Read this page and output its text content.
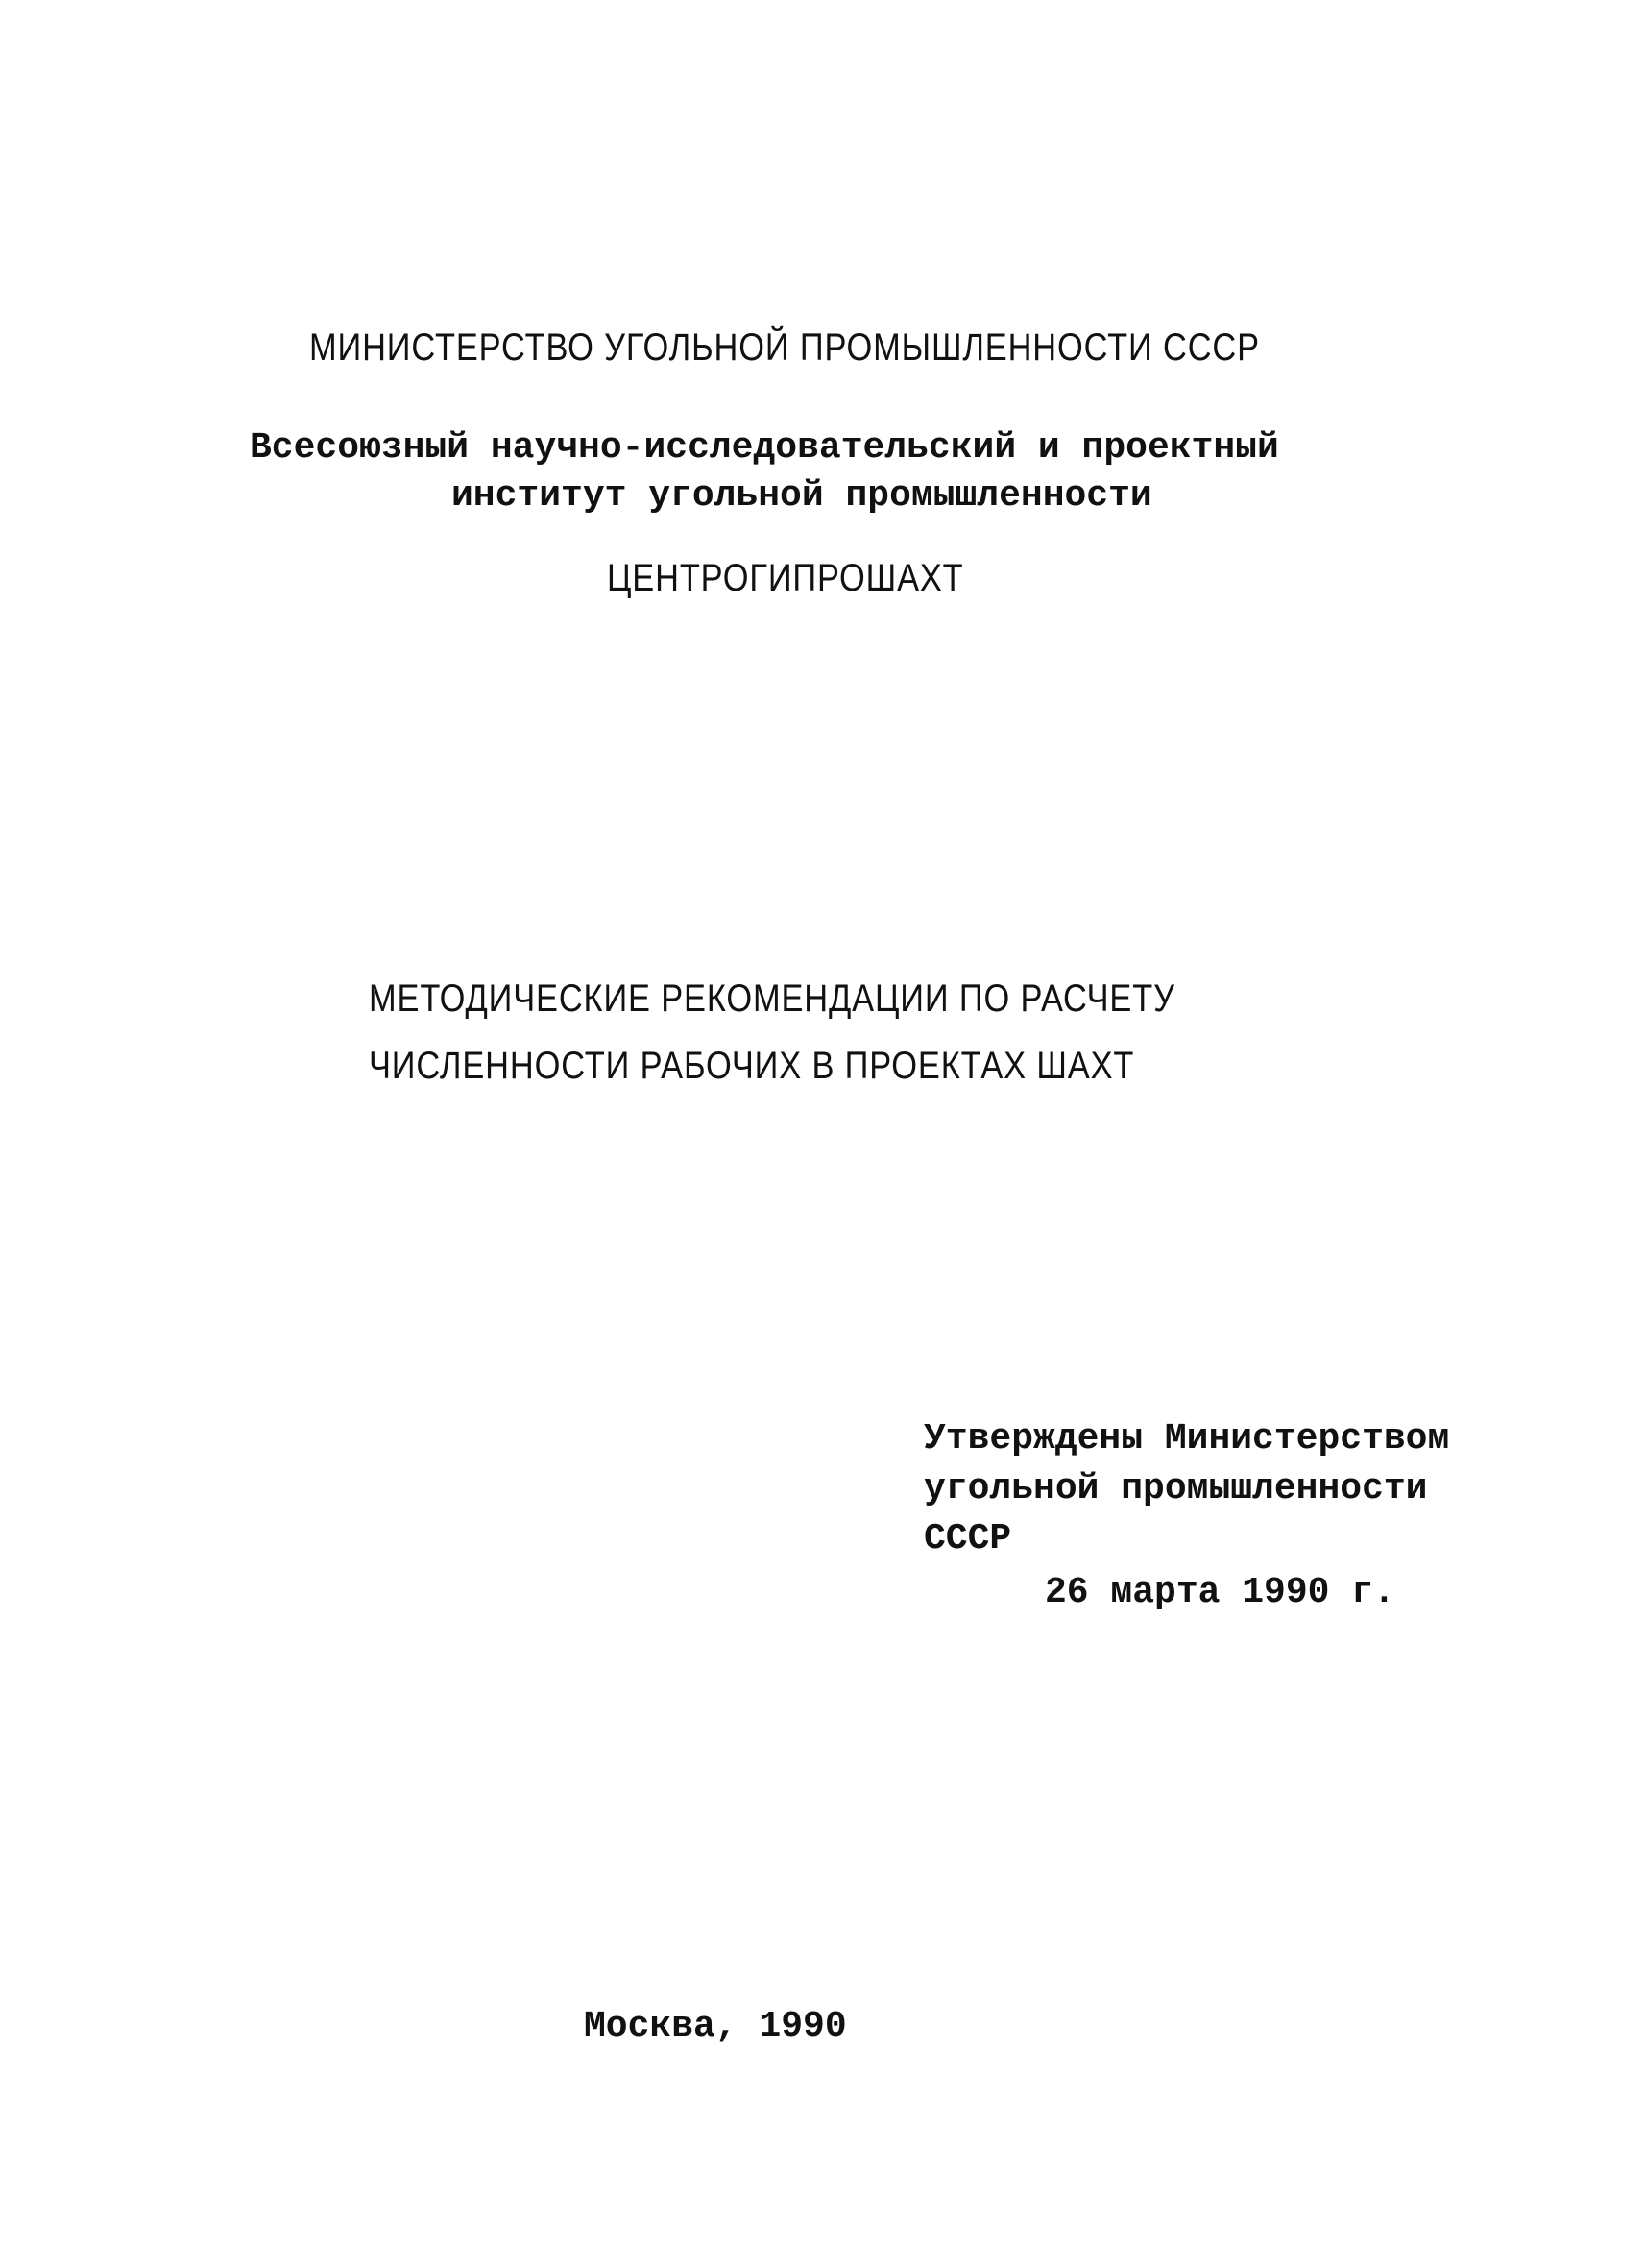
МИНИСТЕРСТВО УГОЛЬНОЙ ПРОМЫШЛЕННОСТИ СССР
Всесоюзный научно-исследовательский и проектный
институт угольной промышленности
ЦЕНТРОГИПРОШАХТ
МЕТОДИЧЕСКИЕ РЕКОМЕНДАЦИИ ПО РАСЧЕТУ
ЧИСЛЕННОСТИ РАБОЧИХ В ПРОЕКТАХ ШАХТ
Утверждены Министерством
угольной промышленности
СССР
26 марта 1990 г.
Москва, 1990
